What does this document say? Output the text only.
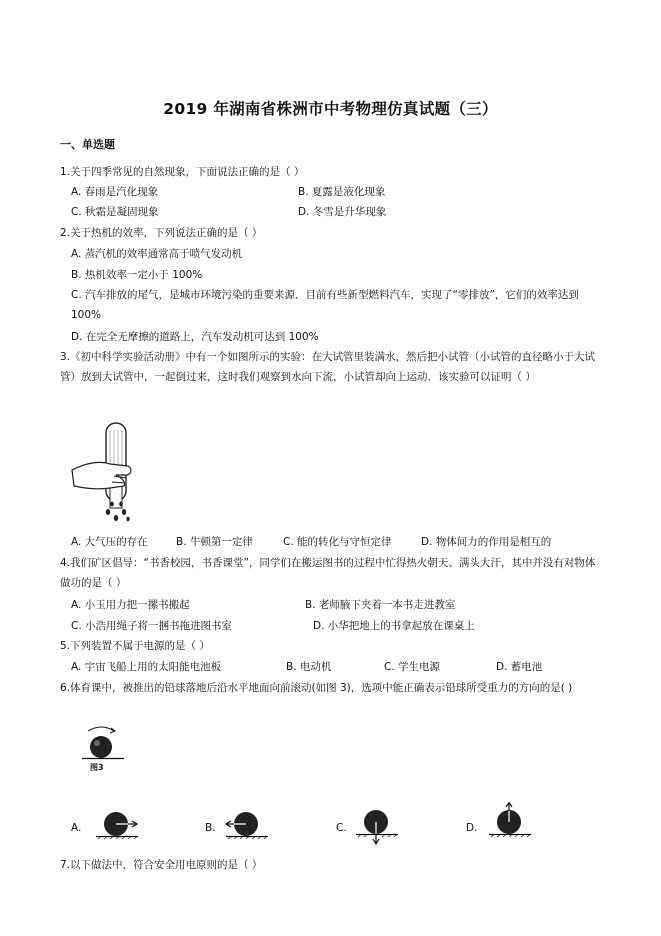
2019 年湖南省株洲市中考物理仿真试题（三）
一、单选题
1.关于四季常见的自然现象，下面说法正确的是（ ）
A. 春雨是汽化现象	B. 夏露是液化现象
C. 秋霜是凝固现象	D. 冬雪是升华现象
2.关于热机的效率，下列说法正确的是（ ）
A. 蒸汽机的效率通常高于喷气发动机
B. 热机效率一定小于 100%
C. 汽车排放的尾气，是城市环境污染的重要来源．目前有些新型燃料汽车，实现了“零排放”，它们的效率达到 100%
D. 在完全无摩擦的道路上，汽车发动机可达到 100%
3.《初中科学实验活动册》中有一个如图所示的实验：在大试管里装满水，然后把小试管（小试管的直径略小于大试管）放到大试管中，一起倒过来，这时我们观察到水向下流，小试管却向上运动．该实验可以证明（ ）
A. 大气压的存在	B. 牛顿第一定律	C. 能的转化与守恒定律	D. 物体间力的作用是相互的
4.我们矿区倡导：“书香校园，书香课堂”，同学们在搬运图书的过程中忙得热火朝天、满头大汗，其中并没有对物体做功的是（ ）
A. 小玉用力把一摞书搬起	B. 老师腋下夹着一本书走进教室
C. 小浩用绳子将一捆书拖进图书室	D. 小华把地上的书拿起放在课桌上
5.下列装置不属于电源的是（ ）
A. 宇宙飞船上用的太阳能电池板	B. 电动机	C. 学生电源	D. 蓄电池
6.体育课中，被推出的铅球落地后沿水平地面向前滚动(如图 3)，选项中能正确表示铅球所受重力的方向的是( )
图3
A.	B.	C.	D.
7.以下做法中，符合安全用电原则的是（ ）
